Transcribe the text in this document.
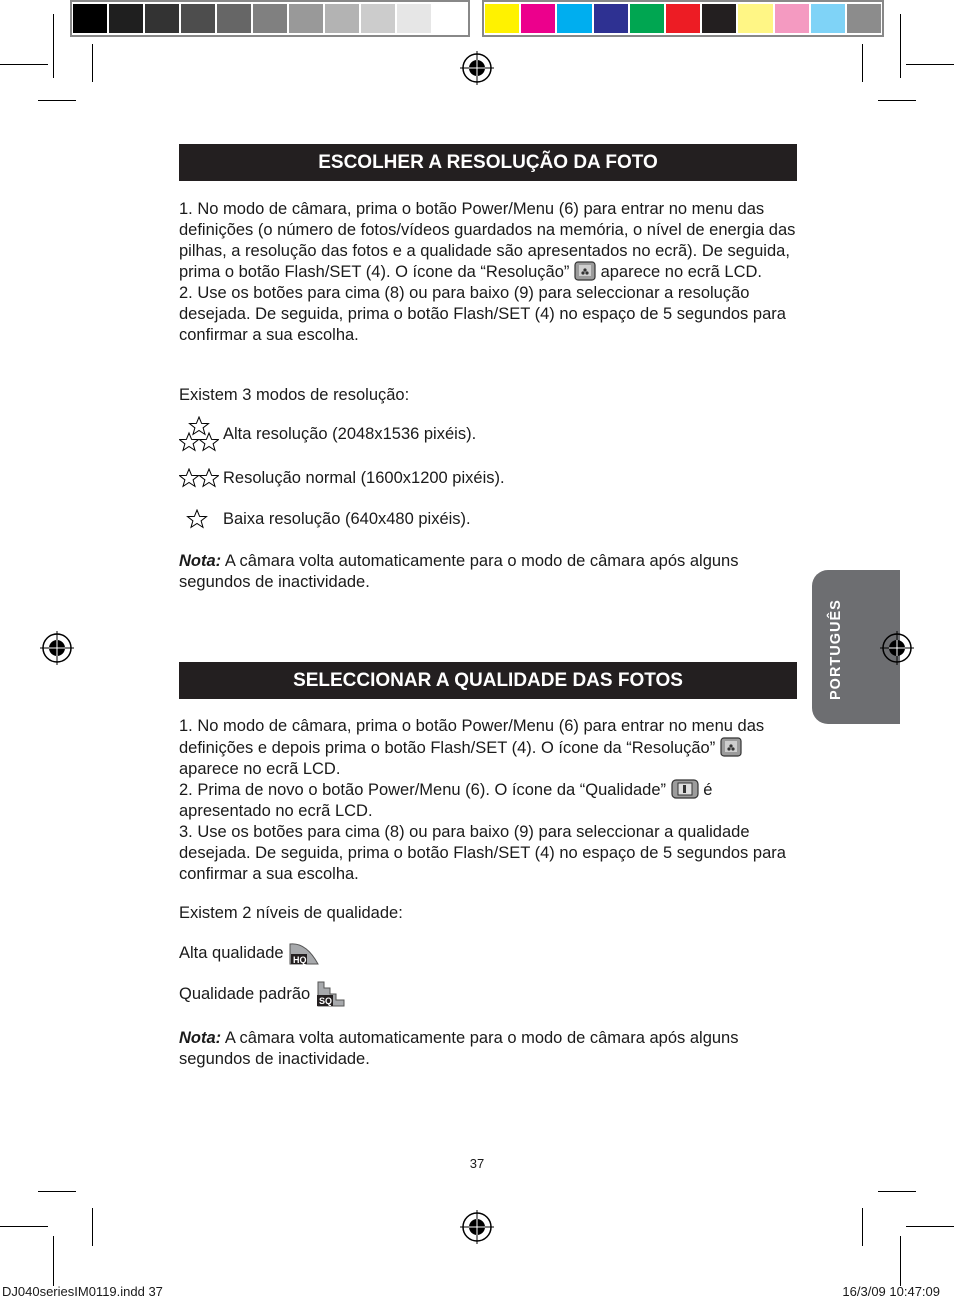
PORTUGUÊS
ESCOLHER A RESOLUÇÃO DA FOTO

1. No modo de câmara, prima o botão Power/Menu (6) para entrar no menu das definições (o número de fotos/vídeos guardados na memória, o nível de energia das pilhas, a resolução das fotos e a qualidade são apresentados no ecrã). De seguida, prima o botão Flash/SET (4). O ícone da “Resolução” aparece no ecrã LCD.

2. Use os botões para cima (8) ou para baixo (9) para seleccionar a resolução desejada. De seguida, prima o botão Flash/SET (4) no espaço de 5 segundos para confirmar a sua escolha.

Existem 3 modos de resolução:
Alta resolução (2048x1536 pixéis).
Resolução normal (1600x1200 pixéis).
Baixa resolução (640x480 pixéis).

Nota: A câmara volta automaticamente para o modo de câmara após alguns segundos de inactividade.

SELECCIONAR A QUALIDADE DAS FOTOS

1. No modo de câmara, prima o botão Power/Menu (6) para entrar no menu das definições e depois prima o botão Flash/SET (4). O ícone da “Resolução”  aparece no ecrã LCD.

2. Prima de novo o botão Power/Menu (6). O ícone da “Qualidade” é apresentado no ecrã LCD.

3. Use os botões para cima (8) ou para baixo (9) para seleccionar a qualidade desejada. De seguida, prima o botão Flash/SET (4) no espaço de 5 segundos para confirmar a sua escolha.

Existem 2 níveis de qualidade:
Alta qualidade HQ
Qualidade padrão SQ

Nota: A câmara volta automaticamente para o modo de câmara após alguns segundos de inactividade.

37
DJ040seriesIM0119.indd 37	16/3/09 10:47:09
